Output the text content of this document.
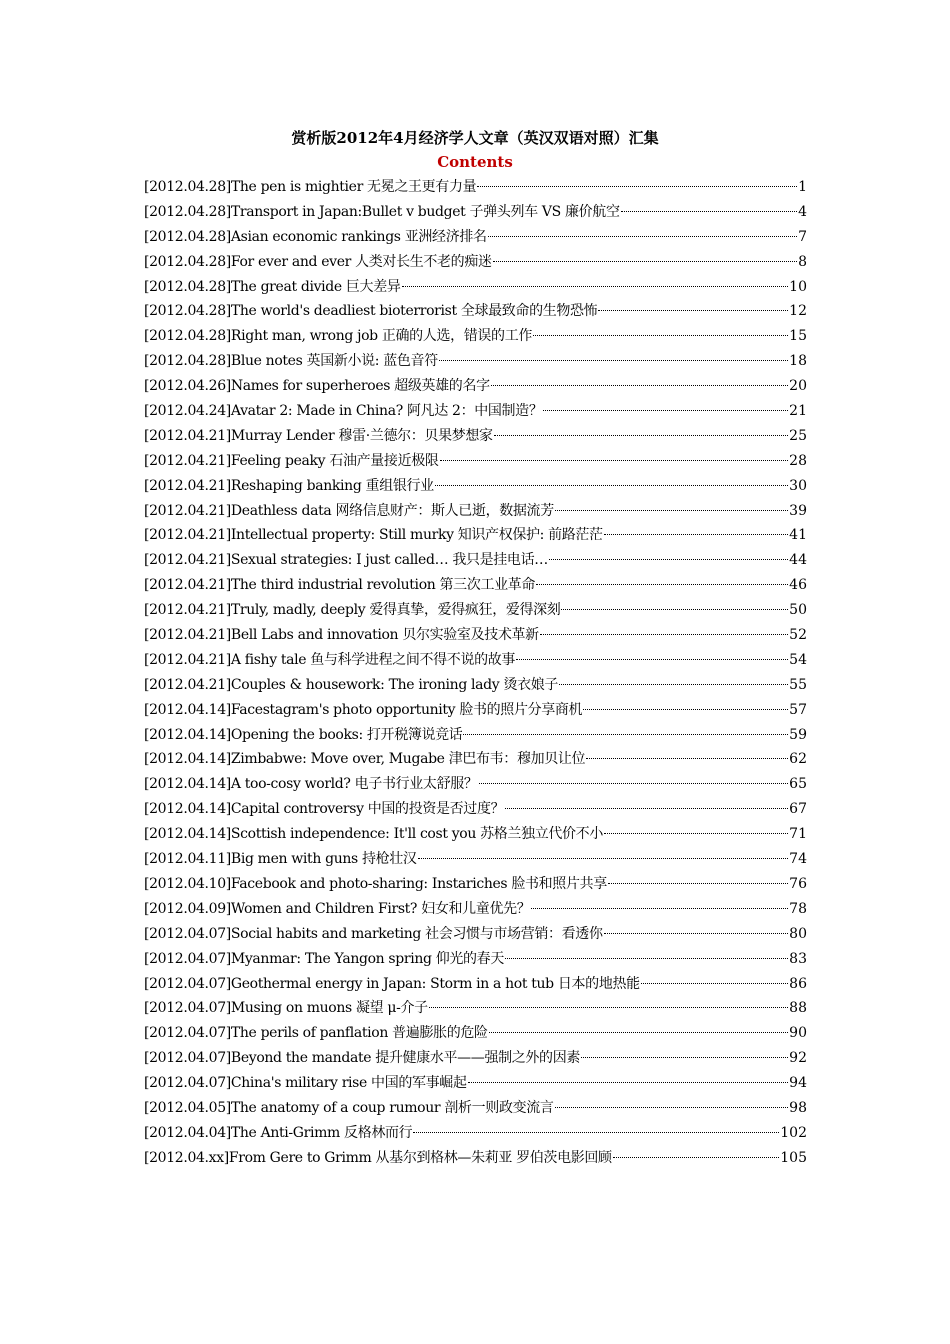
赏析版2012年4月经济学人文章（英汉双语对照）汇集
Contents
[2012.04.28]The pen is mightier 无冕之王更有力量	1
[2012.04.28]Transport in Japan:Bullet v budget 子弹头列车 VS 廉价航空	4
[2012.04.28]Asian economic rankings 亚洲经济排名	7
[2012.04.28]For ever and ever 人类对长生不老的痴迷	8
[2012.04.28]The great divide 巨大差异	10
[2012.04.28]The world's deadliest bioterrorist 全球最致命的生物恐怖	12
[2012.04.28]Right man, wrong job 正确的人选，错误的工作	15
[2012.04.28]Blue notes 英国新小说: 蓝色音符	18
[2012.04.26]Names for superheroes 超级英雄的名字	20
[2012.04.24]Avatar 2: Made in China? 阿凡达 2：中国制造？	21
[2012.04.21]Murray Lender 穆雷·兰德尔：贝果梦想家	25
[2012.04.21]Feeling peaky 石油产量接近极限	28
[2012.04.21]Reshaping banking 重组银行业	30
[2012.04.21]Deathless data 网络信息财产：斯人已逝，数据流芳	39
[2012.04.21]Intellectual property: Still murky 知识产权保护: 前路茫茫	41
[2012.04.21]Sexual strategies: I just called… 我只是挂电话…	44
[2012.04.21]The third industrial revolution 第三次工业革命	46
[2012.04.21]Truly, madly, deeply 爱得真挚，爱得疯狂，爱得深刻	50
[2012.04.21]Bell Labs and innovation 贝尔实验室及技术革新	52
[2012.04.21]A fishy tale 鱼与科学进程之间不得不说的故事	54
[2012.04.21]Couples & housework: The ironing lady 烫衣娘子	55
[2012.04.14]Facestagram's photo opportunity 脸书的照片分享商机	57
[2012.04.14]Opening the books: 打开税簿说竞话	59
[2012.04.14]Zimbabwe: Move over, Mugabe 津巴布韦：穆加贝让位	62
[2012.04.14]A too-cosy world? 电子书行业太舒服？	65
[2012.04.14]Capital controversy 中国的投资是否过度？	67
[2012.04.14]Scottish independence: It'll cost you 苏格兰独立代价不小	71
[2012.04.11]Big men with guns 持枪壮汉	74
[2012.04.10]Facebook and photo-sharing: Instariches 脸书和照片共享	76
[2012.04.09]Women and Children First? 妇女和儿童优先？	78
[2012.04.07]Social habits and marketing 社会习惯与市场营销：看透你	80
[2012.04.07]Myanmar: The Yangon spring 仰光的春天	83
[2012.04.07]Geothermal energy in Japan: Storm in a hot tub 日本的地热能	86
[2012.04.07]Musing on muons 凝望 μ-介子	88
[2012.04.07]The perils of panflation 普遍膨胀的危险	90
[2012.04.07]Beyond the mandate 提升健康水平——强制之外的因素	92
[2012.04.07]China's military rise 中国的军事崛起	94
[2012.04.05]The anatomy of a coup rumour 剖析一则政变流言	98
[2012.04.04]The Anti-Grimm 反格林而行	102
[2012.04.xx]From Gere to Grimm 从基尔到格林—朱莉亚 罗伯茨电影回顾	105
